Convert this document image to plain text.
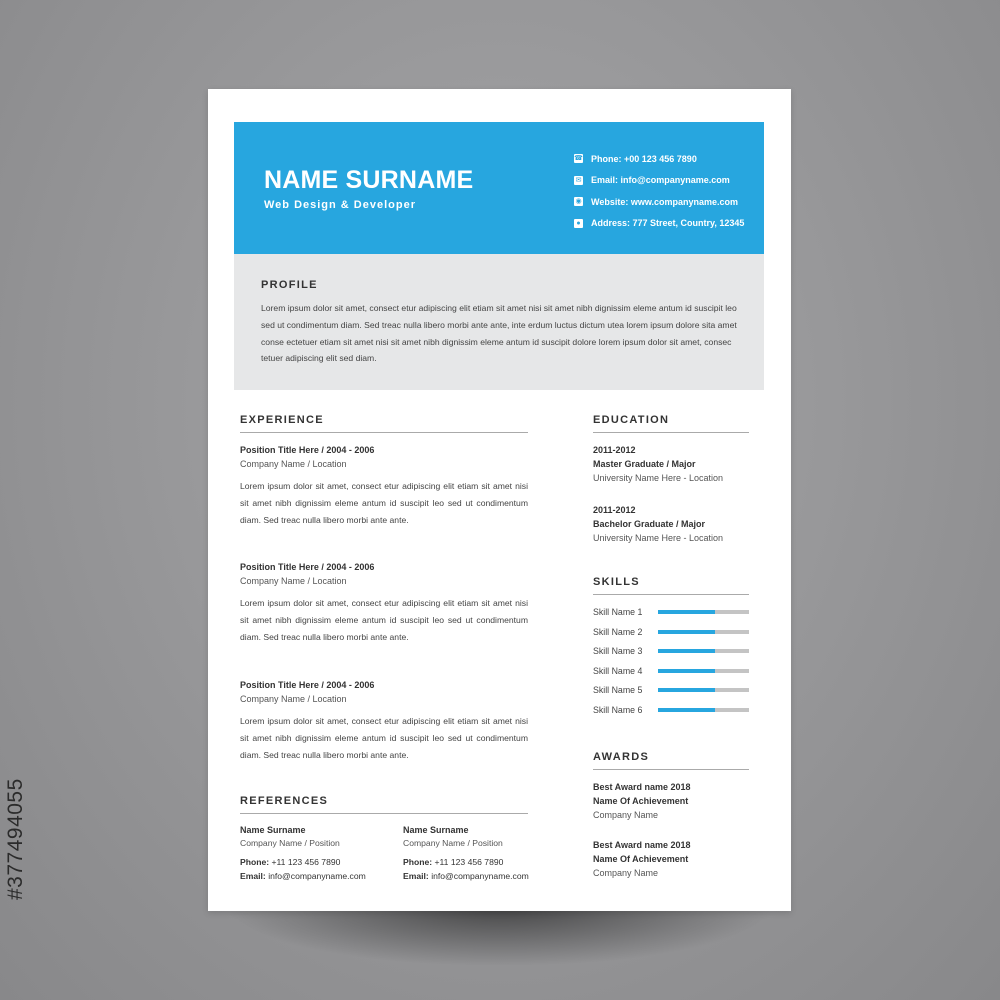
NAME SURNAME
Web Design & Developer
☎ Phone: +00 123 456 7890
✉ Email: info@companyname.com
◉ Website: www.companyname.com
● Address: 777 Street, Country, 12345
PROFILE
Lorem ipsum dolor sit amet, consect etur adipiscing elit etiam sit amet nisi sit amet nibh dignissim eleme antum id suscipit leo sed ut condimentum diam. Sed treac nulla libero morbi ante ante, inte erdum luctus dictum utea lorem ipsum dolore sita amet conse ectetuer etiam sit amet nisi sit amet nibh dignissim eleme antum id suscipit dolore lorem ipsum dolor sit amet, consec tetuer adipiscing elit sed diam.
EXPERIENCE
Position Title Here / 2004 - 2006
Company Name / Location
Lorem ipsum dolor sit amet, consect etur adipiscing elit etiam sit amet nisi sit amet nibh dignissim eleme antum id suscipit leo sed ut condimentum diam. Sed treac nulla libero morbi ante ante.
Position Title Here / 2004 - 2006
Company Name / Location
Lorem ipsum dolor sit amet, consect etur adipiscing elit etiam sit amet nisi sit amet nibh dignissim eleme antum id suscipit leo sed ut condimentum diam. Sed treac nulla libero morbi ante ante.
Position Title Here / 2004 - 2006
Company Name / Location
Lorem ipsum dolor sit amet, consect etur adipiscing elit etiam sit amet nisi sit amet nibh dignissim eleme antum id suscipit leo sed ut condimentum diam. Sed treac nulla libero morbi ante ante.
REFERENCES
Name Surname
Company Name / Position
Phone: +11 123 456 7890
Email: info@companyname.com
Name Surname
Company Name / Position
Phone: +11 123 456 7890
Email: info@companyname.com
EDUCATION
2011-2012
Master Graduate / Major
University Name Here - Location
2011-2012
Bachelor Graduate / Major
University Name Here - Location
SKILLS
Skill Name 1
Skill Name 2
Skill Name 3
Skill Name 4
Skill Name 5
Skill Name 6
AWARDS
Best Award name 2018
Name Of Achievement
Company Name
Best Award name 2018
Name Of Achievement
Company Name
#377494055
